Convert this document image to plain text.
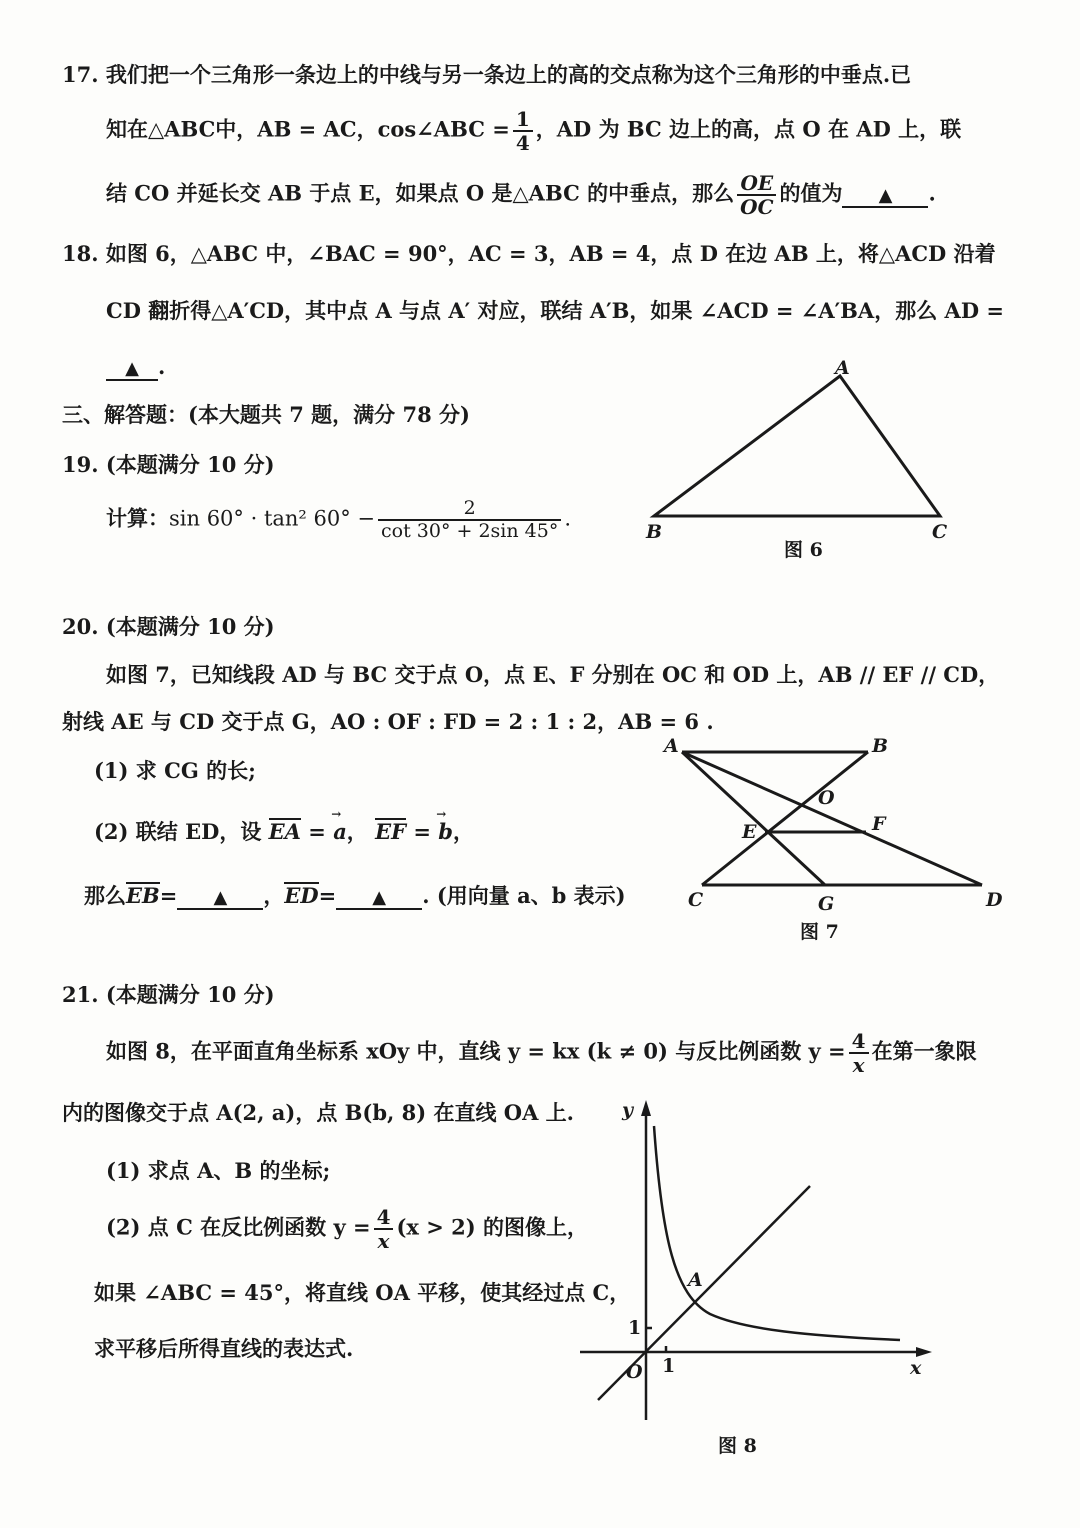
17. 我们把一个三角形一条边上的中线与另一条边上的高的交点称为这个三角形的中垂点.已
知在△ABC中，AB = AC，cos∠ABC = $\frac{1}{4}$ ，AD 为 BC 边上的高，点 O 在 AD 上，联
结 CO 并延长交 AB 于点 E，如果点 O 是△ABC 的中垂点，那么 $\frac{OE}{OC}$ 的值为 ▲ .
18. 如图 6，△ABC 中，∠BAC = 90°，AC = 3，AB = 4，点 D 在边 AB 上，将△ACD 沿着
CD 翻折得△A′CD，其中点 A 与点 A′ 对应，联结 A′B，如果 ∠ACD = ∠A′BA，那么 AD =
▲ .
三、解答题：(本大题共 7 题，满分 78 分)
19. (本题满分 10 分)
计算：sin 60° · tan² $60^\circ - \frac{2}{\cot 30^\circ + 2\sin 45^\circ}$ .
A
B	C
图 6
20. (本题满分 10 分)
如图 7，已知线段 AD 与 BC 交于点 O，点 E、F 分别在 OC 和 OD 上，AB // EF // CD，
射线 AE 与 CD 交于点 G，AO : OF : FD = 2 : 1 : 2，AB = 6 .
(1) 求 CG 的长;
(2) 联结 ED，设 EA = → a， EF = → b，
那么EB= ▲ ，ED= ▲ . (用向量 a、b 表示)
A	B
O
E	F
C	G	D
图 7
21. (本题满分 10 分)
如图 8，在平面直角坐标系 xOy 中，直线 y = kx (k ≠ 0) 与反比例函数 $y = \frac{4}{x}$ 在第一象限
内的图像交于点 A(2, a)，点 B(b, 8) 在直线 OA 上.
(1) 求点 A、B 的坐标;
(2) 点 C 在反比例函数 $y = \frac{4}{x} (x > 2)$ 的图像上，
如果 ∠ABC = 45°，将直线 OA 平移，使其经过点 C，
求平移后所得直线的表达式.
y
x
O
A
1
1
图 8
